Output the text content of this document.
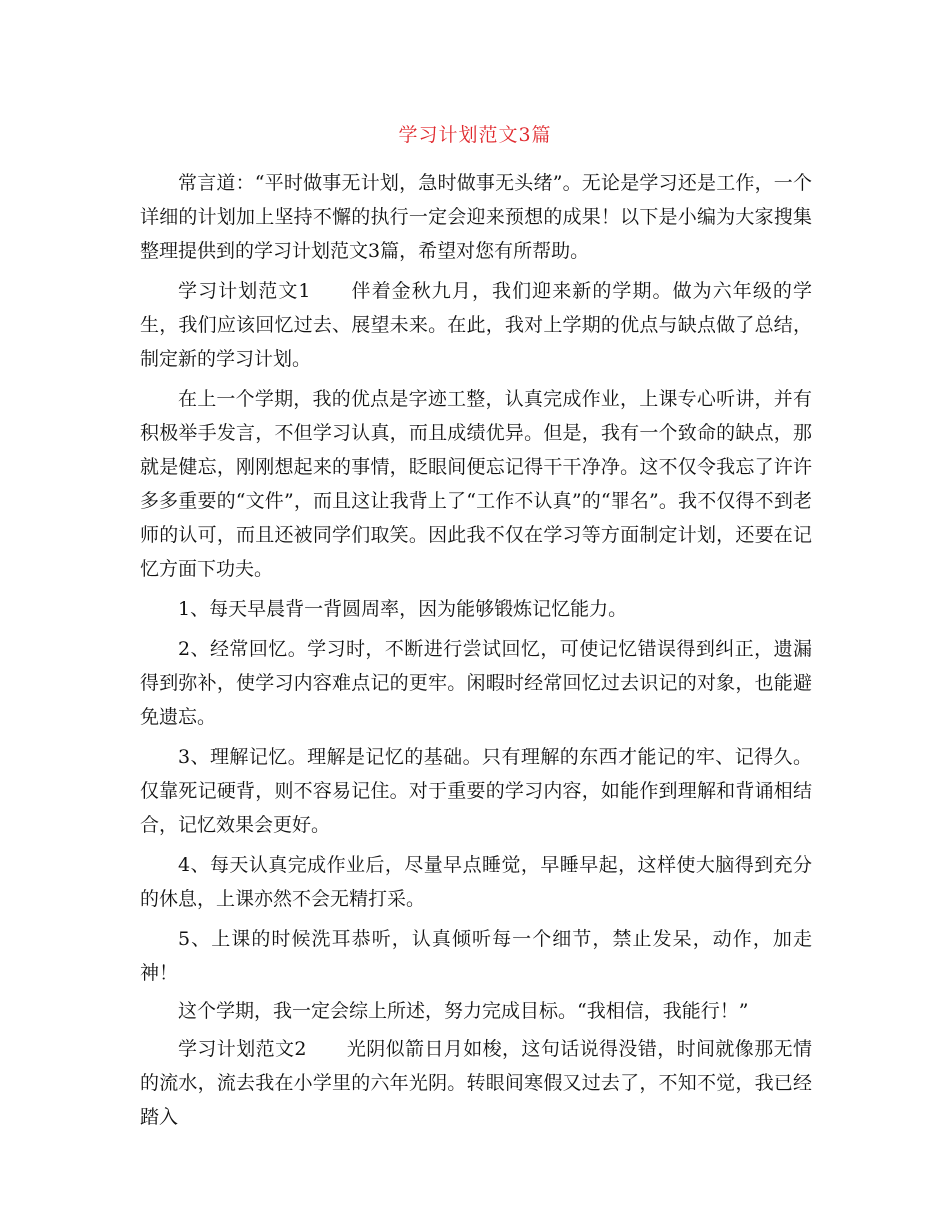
学习计划范文3篇

常言道：“平时做事无计划，急时做事无头绪”。无论是学习还是工作，一个详细的计划加上坚持不懈的执行一定会迎来预想的成果！以下是小编为大家搜集整理提供到的学习计划范文3篇，希望对您有所帮助。

学习计划范文1 伴着金秋九月，我们迎来新的学期。做为六年级的学生，我们应该回忆过去、展望未来。在此，我对上学期的优点与缺点做了总结，制定新的学习计划。

在上一个学期，我的优点是字迹工整，认真完成作业，上课专心听讲，并有积极举手发言，不但学习认真，而且成绩优异。但是，我有一个致命的缺点，那就是健忘，刚刚想起来的事情，眨眼间便忘记得干干净净。这不仅令我忘了许许多多重要的“文件”，而且这让我背上了“工作不认真”的“罪名”。我不仅得不到老师的认可，而且还被同学们取笑。因此我不仅在学习等方面制定计划，还要在记忆方面下功夫。

1、每天早晨背一背圆周率，因为能够锻炼记忆能力。

2、经常回忆。学习时，不断进行尝试回忆，可使记忆错误得到纠正，遗漏得到弥补，使学习内容难点记的更牢。闲暇时经常回忆过去识记的对象，也能避免遗忘。

3、理解记忆。理解是记忆的基础。只有理解的东西才能记的牢、记得久。仅靠死记硬背，则不容易记住。对于重要的学习内容，如能作到理解和背诵相结合，记忆效果会更好。

4、每天认真完成作业后，尽量早点睡觉，早睡早起，这样使大脑得到充分的休息，上课亦然不会无精打采。

5、上课的时候洗耳恭听，认真倾听每一个细节，禁止发呆，动作，加走神！

这个学期，我一定会综上所述，努力完成目标。“我相信，我能行！”

学习计划范文2 光阴似箭日月如梭，这句话说得没错，时间就像那无情的流水，流去我在小学里的六年光阴。转眼间寒假又过去了，不知不觉，我已经踏入
